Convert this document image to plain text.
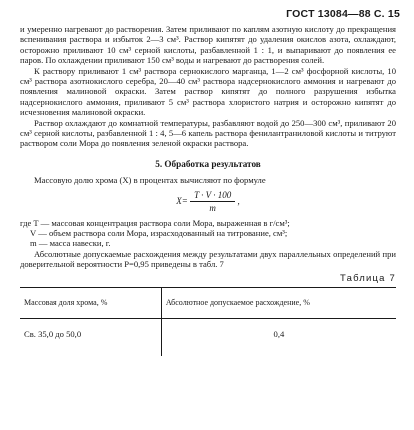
ГОСТ 13084—88 С. 15

и умеренно нагревают до растворения. Затем приливают по каплям азотную кислоту до прекращения вспенивания раствора и избыток 2—3 см³. Раствор кипятят до удаления окислов азота, охлаждают, осторожно приливают 10 см³ серной кислоты, разбавленной 1 : 1, и выпаривают до появления ее паров. По охлаждении приливают 150 см³ воды и нагревают до растворения солей.

К раствору приливают 1 см³ раствора сернокислого марганца, 1—2 см³ фосфорной кислоты, 10 см³ раствора азотнокислого серебра, 20—40 см³ раствора надсернокислого аммония и нагревают до появления малиновой окраски. Затем раствор кипятят до полного разрушения избытка надсернокислого аммония, приливают 5 см³ раствора хлористого натрия и осторожно кипятят до исчезновения малиновой окраски.

Раствор охлаждают до комнатной температуры, разбавляют водой до 250—300 см³, приливают 20 см³ серной кислоты, разбавленной 1 : 4, 5—6 капель раствора фенилантраниловой кислоты и титруют раствором соли Мора до появления зеленой окраски раствора.

5. Обработка результатов

Массовую долю хрома (X) в процентах вычисляют по формуле

$X= \frac{T \cdot V \cdot 100}{m}$ ,

где T — массовая концентрация раствора соли Мора, выраженная в г/см³;

V — объем раствора соли Мора, израсходованный на титрование, см³;

m — масса навески, г.

Абсолютные допускаемые расхождения между результатами двух параллельных определений при доверительной вероятности P=0,95 приведены в табл. 7

Таблица 7
Массовая доля хрома, %	Абсолютное допускаемое расхождение, %
Св. 35,0 до 50,0	0,4
